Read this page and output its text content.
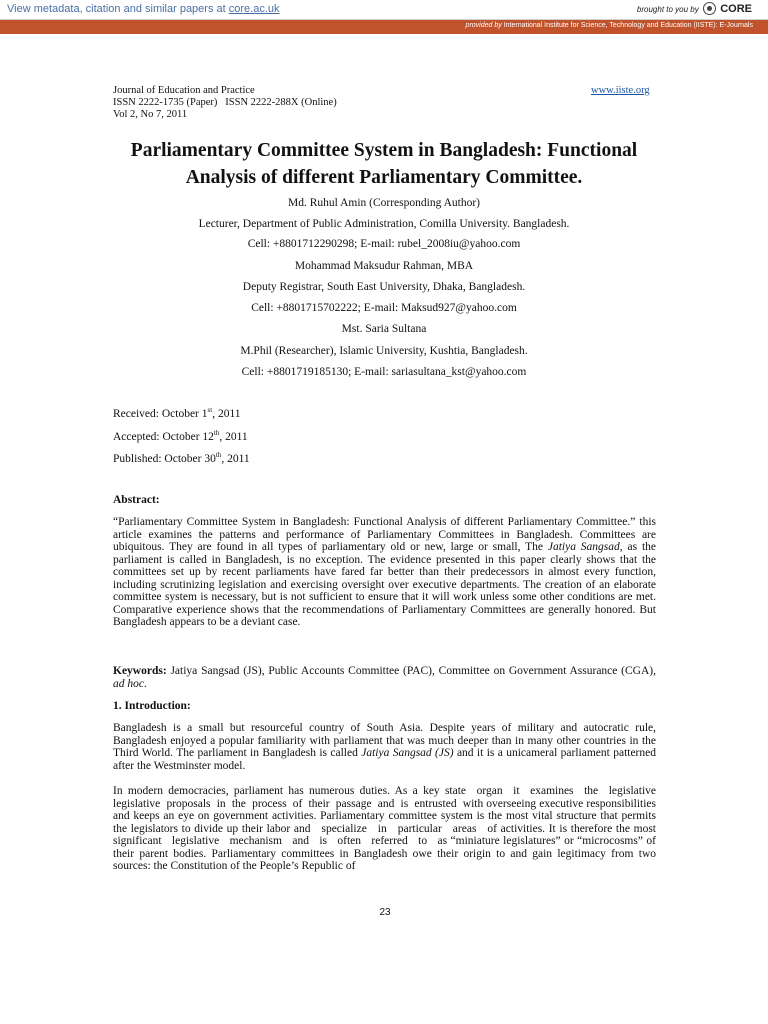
View metadata, citation and similar papers at core.ac.uk	brought to you by CORE
provided by International Institute for Science, Technology and Education (IISTE): E-Journals
Journal of Education and Practice
ISSN 2222-1735 (Paper)   ISSN 2222-288X (Online)
Vol 2, No 7, 2011
www.iiste.org
Parliamentary Committee System in Bangladesh: Functional
Analysis of different Parliamentary Committee.
Md. Ruhul Amin (Corresponding Author)
Lecturer, Department of Public Administration, Comilla University. Bangladesh.
Cell: +8801712290298; E-mail: rubel_2008iu@yahoo.com
Mohammad Maksudur Rahman, MBA
Deputy Registrar, South East University, Dhaka, Bangladesh.
Cell: +8801715702222; E-mail: Maksud927@yahoo.com
Mst. Saria Sultana
M.Phil (Researcher), Islamic University, Kushtia, Bangladesh.
Cell: +8801719185130; E-mail: sariasultana_kst@yahoo.com
Received: October 1st, 2011
Accepted: October 12th, 2011
Published: October 30th, 2011
Abstract:
“Parliamentary Committee System in Bangladesh: Functional Analysis of different Parliamentary Committee.” this article examines the patterns and performance of Parliamentary Committees in Bangladesh. Committees are ubiquitous. They are found in all types of parliamentary old or new, large or small, The Jatiya Sangsad, as the parliament is called in Bangladesh, is no exception. The evidence presented in this paper clearly shows that the committees set up by recent parliaments have fared far better than their predecessors in almost every function, including scrutinizing legislation and exercising oversight over executive departments. The creation of an elaborate committee system is necessary, but is not sufficient to ensure that it will work unless some other conditions are met. Comparative experience shows that the recommendations of Parliamentary Committees are generally honored. But Bangladesh appears to be a deviant case.
Keywords: Jatiya Sangsad (JS), Public Accounts Committee (PAC), Committee on Government Assurance (CGA), ad hoc.
1. Introduction:
Bangladesh is a small but resourceful country of South Asia. Despite years of military and autocratic rule, Bangladesh enjoyed a popular familiarity with parliament that was much deeper than in many other countries in the Third World. The parliament in Bangladesh is called Jatiya Sangsad (JS) and it is a unicameral parliament patterned after the Westminster model.
In modern democracies, parliament has numerous duties. As a key state  organ  it  examines  the  legislative legislative  proposals  in  the  process  of  their  passage  and  is  entrusted  with overseeing executive responsibilities and keeps an eye on government activities. Parliamentary committee system is the most vital structure that permits the legislators to divide up their labor and   specialize   in   particular   areas   of activities. It is therefore the most significant   legislative   mechanism   and   is   often   referred   to   as “miniature legislatures” or “microcosms” of their parent bodies. Parliamentary committees in Bangladesh owe their origin to and gain legitimacy from two sources: the Constitution of the People’s Republic of
23
